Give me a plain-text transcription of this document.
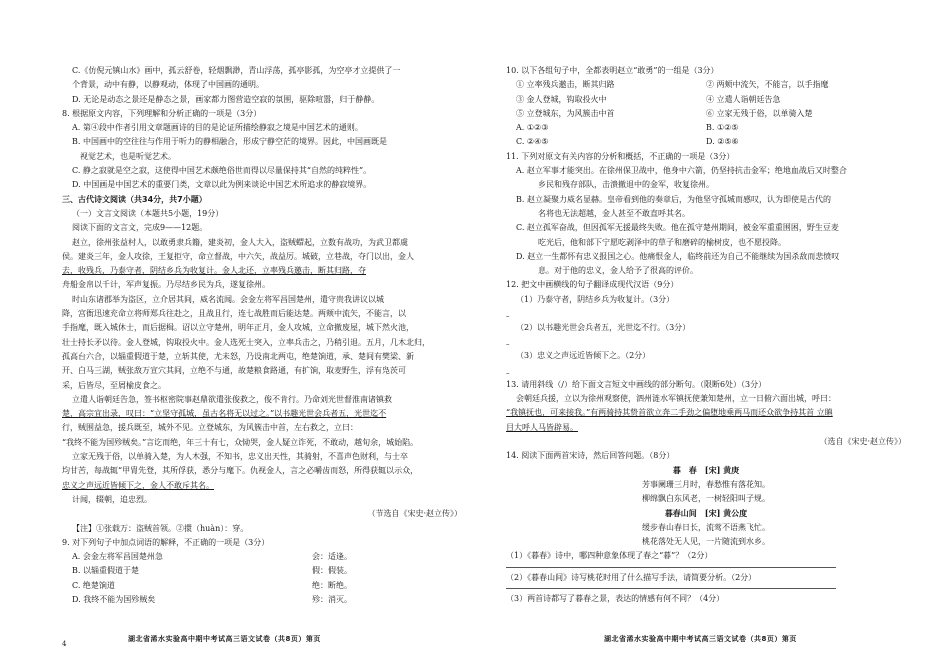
C.《仿倪元镇山水》画中，孤云舒卷，轻烟飘渺，青山浮荡，孤亭影孤，为空亭才立提供了一

个背景，动中有静，以静观动，体现了中国画的通明。

D. 无论是动态之景还是静态之景，画家都力图营造空寂的氛围，驱除喧嚣，归于静静。

8. 根据原文内容，下列理解和分析正确的一项是（3分）

A. 第④段中作者引用文章题画诗的目的是论证所描绘静寂之境是中国艺术的通则。

B. 中国画中的空往往与作用于听力的静相融合，形成宁静空茫的境界。因此，中国画既是

视觉艺术，也是听觉艺术。

C. 静之寂就是空之寂，这使得中国艺术颇绝俗世而得以尽量保持其“自然的纯粹性”。

D. 中国画是中国艺术的重要门类，文章以此为例来谈论中国艺术所追求的静寂境界。

三、古代诗文阅读（共34分，共7小题）

（一）文言文阅读（本题共5小题，19分）

阅读下面的文言文，完成9——12题。

赵立，徐州张益村人，以敢勇隶兵籍，建炎初，金人大入，盗贼蝟起，立数有战功，为武卫都虞

侯。建炎三年，金人攻徐，王复拒守，命立督战，中六矢，战益厉。城破，立巷战，夺门以出，金人

去，收残兵，乃泰守者，阴结乡兵为收复计。金人北还，立率残兵邀击，断其归路，夺

舟船金帛以千计，军声复振。乃尽结乡民为兵，遂复徐州。

时山东诸郡举为盗区，立介居其间，威名流闻。会金左将军昌国楚州，遣守贵我讲议以城

降，宫衙迅速充命立将师郑兵往赴之，且战且行，连七战胜而后能达楚。两颊中流矢，不能言，以

手指麾，既入城休士，而后据楫。诏以立守楚州，明年正月，金人攻城，立命撤废屋，城下然火池，

壮士持长矛以待。金人登城，钩取投火中。金人选死士突入，立率兵击之，乃稍引退。五月，几木北归，

孤高台六合，以辎重假道于楚，立斩其使，尤未怒，乃设南北两屯，绝楚饷道，承、楚间有樊梁、新

开、白马三湖，贼张敌万宣穴其间，立绝不与通，故楚粮食路通，有扩饷，取麦野生，浮有凫茨可

采，后皆尽，至屑榆皮食之。

立遣人诣朝廷告急，签书枢密院事赵鼎欲遣张俊救之，俊不肯行。乃命刘光世督淮南诸镇救

楚，高宗宜出录，叹曰：“立坚守孤城，虽古名将无以过之。”以书趣光世会兵者五，光世迄不

行，贼围益急，援兵既至，城外不见。立登城东，为风簇击中首，左右救之，立曰：

“我终不能为国殄贼矣。”言讫而绝，年三十有七，众恸哭，金人疑立诈死，不敢动，越旬余，城始陷。

立家无残于俗，以单骑入楚，为人木强，不知书，忠义出天性，其骑射，不喜声色财利，与士卒

均甘苦，每战辄“甲胄先登，其所俘获，悉分与麾下。仇视金人，言之必嚼齿而怒，所得获辄以示众，

忠义之声远近皆倾下之，金人不敢斥其名。

计闻，辍朝，追忠烈。

（节选自《宋史·赵立传》）

【注】①张载万：盗贼首领。②擐（huàn）：穿。

9. 对下列句子中加点词语的解释，不正确的一项是（3分）

A. 会金左将军昌国楚州急	会：适逢。
B. 以辎重假道于楚	假：假装。
C. 绝楚饷道	绝：断绝。
D. 我终不能为国殄贼矣	殄：消灭。
4
湖北省浠水实验高中期中考试高三语文试卷（共8页）第页

10. 以下各组句子中，全都表明赵立“敢勇”的一组是（3分）

① 立率残兵邀击，断其归路	② 两颊中流矢，不能言，以手指麾
③ 金人登城，钩取投火中	④ 立遣人诣朝廷告急
⑤ 立登城东，为风簇击中首	⑥ 立家无残于俗，以单骑入楚
A. ①②③	B. ①②⑤
C. ②④⑤	D. ②⑤⑥

11. 下列对原文有关内容的分析和概括，不正确的一项是（3分）

A. 赵立军事才能突出。在徐州保卫战中，他身中六箭，仍坚持抗击金军；绝地血战后又时整合

乡民和残存部队，击溃撤退中的金军，收复徐州。

B. 赵立凝聚力威名显赫。皇帝看到他的奏章后，为他坚守孤城而感叹，认为即使是古代的

名将也无法超越，金人甚至不敢直呼其名。

C. 赵立孤军奋战，但因孤军无援最终失败。他在孤守楚州期间，被金军重重围困，野生豆麦

吃光后，他和部下宁愿吃剥泽中的草子和磨碎的榆树皮，也不愿投降。

D. 赵立一生都怀有忠义报国之心。他痛恨金人，临终前还为自己不能继续为国杀敌而悲愤叹

息。对于他的忠义，金人给予了很高的评价。

12. 把文中画横线的句子翻译成现代汉语（9分）

（1）乃泰守者，阴结乡兵为收复计。（3分）

–

（2）以书趣光世会兵者五，光世迄不行。（3分）

–

（3）忠义之声远近皆倾下之。（2分）

–

13. 请用斜线（/）给下面文言短文中画线的部分断句。（限断6处）（3分）

会朝廷兵援，立以为徐州观察使，泗州涟水军镇抚使兼知楚州，立一日俯六面出城，呼曰：

“我镇抚也，可来接我。”有两骑持其贽首欲立奔二手劲之偏堕地乘两马而还众欲争持其首 立瞋

目大呼人马皆辟易。

（选自《宋史·赵立传》）

14. 阅读下面两首宋诗，然后回答问题。（8分）

暮　春　[宋] 黄庚

芳事阑珊三月时，春愁惟有落花知。

柳绵飘白东风老，一树轻阳叫子规。

暮春山间　[宋] 黄公度

缓步春山春日长，流莺不语燕飞忙。

桃花落处无人见，一片随流到水乡。

（1）《暮春》诗中，哪四种意象体现了春之“暮”？（2分）

（2）《暮春山间》诗写桃花时用了什么描写手法，请简要分析。（2分）

（3）两首诗都写了暮春之景，表达的情感有何不同？（4分）

湖北省浠水实验高中期中考试高三语文试卷（共8页）第页
